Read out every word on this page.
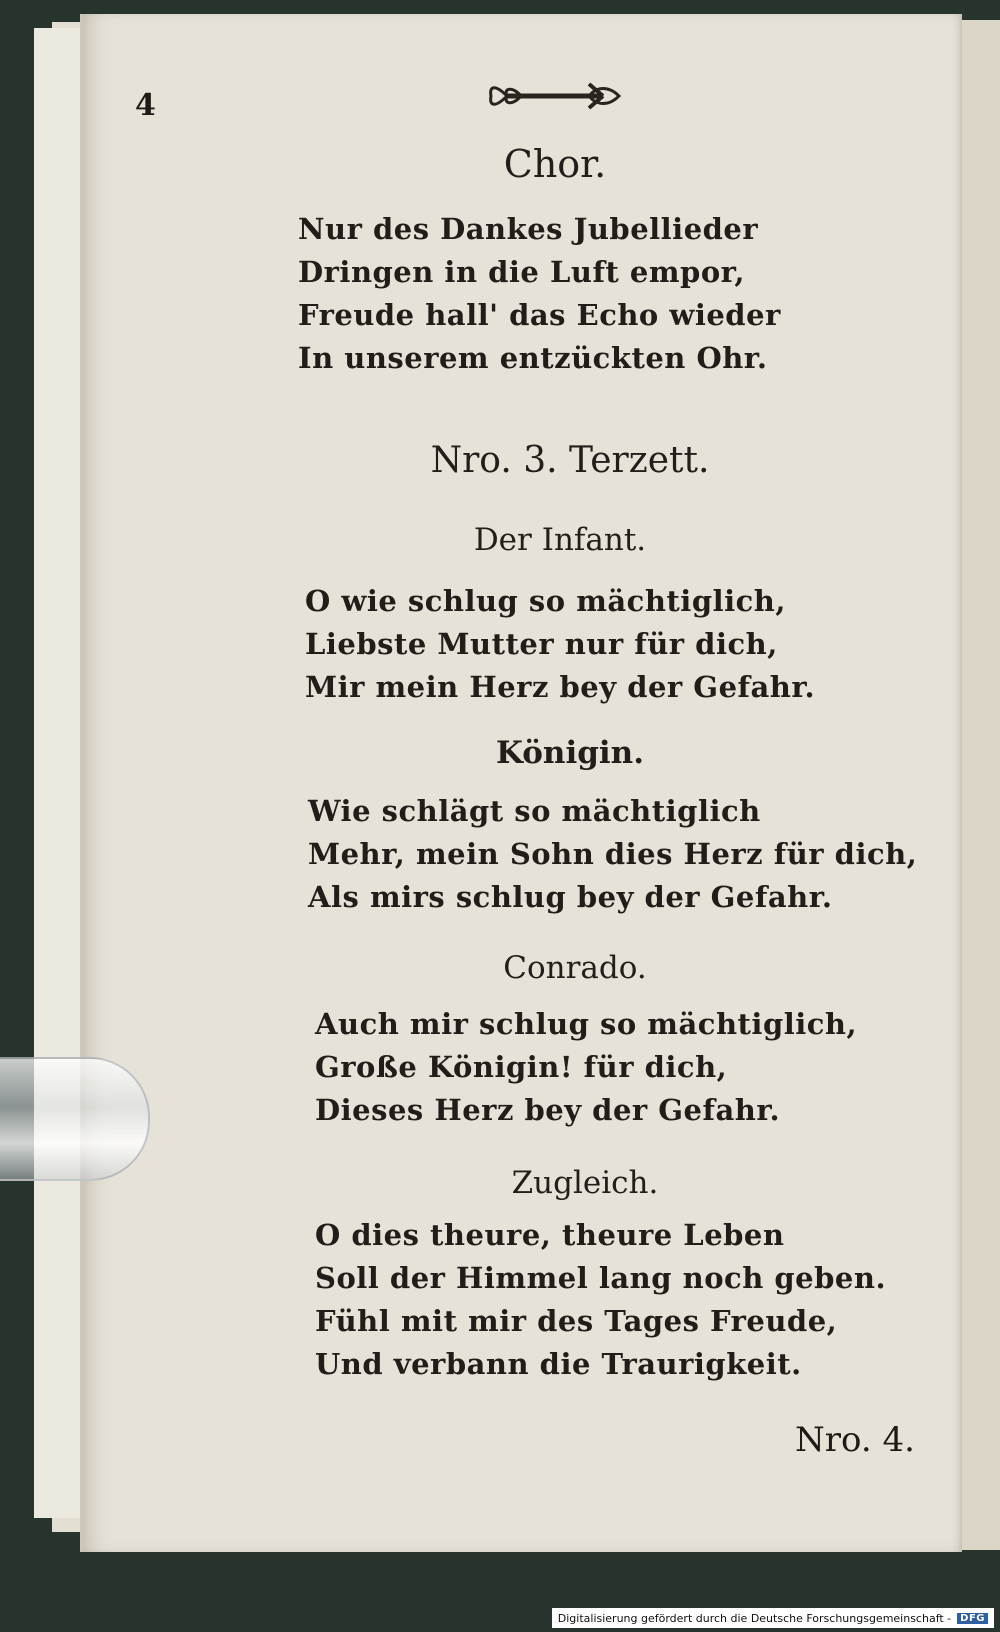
4
Chor.
Nur des Dankes Jubellieder
Dringen in die Luft empor,
Freude hall' das Echo wieder
In unserem entzückten Ohr.
Nro. 3. Terzett.
Der Infant.
O wie schlug so mächtiglich,
Liebste Mutter nur für dich,
Mir mein Herz bey der Gefahr.
Königin.
Wie schlägt so mächtiglich
Mehr, mein Sohn dies Herz für dich,
Als mirs schlug bey der Gefahr.
Conrado.
Auch mir schlug so mächtiglich,
Große Königin! für dich,
Dieses Herz bey der Gefahr.
Zugleich.
O dies theure, theure Leben
Soll der Himmel lang noch geben.
Fühl mit mir des Tages Freude,
Und verbann die Traurigkeit.
Nro. 4.
Digitalisierung gefördert durch die Deutsche Forschungsgemeinschaft - DFG
